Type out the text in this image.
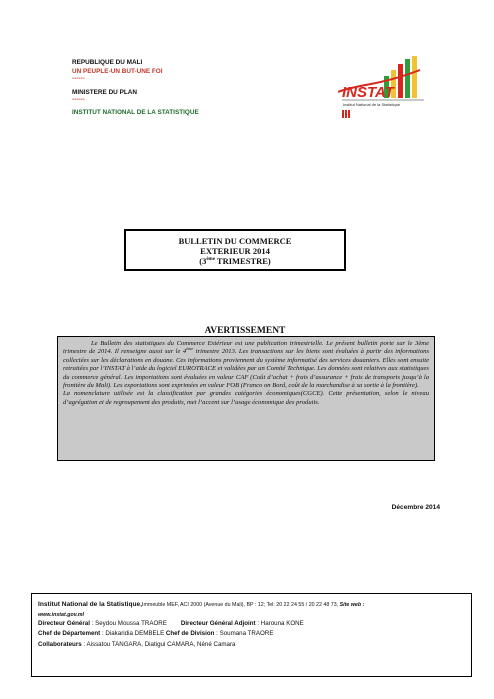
REPUBLIQUE DU MALI
UN PEUPLE-UN BUT-UNE FOI
------
MINISTERE DU PLAN
------
INSTITUT NATIONAL DE LA STATISTIQUE
INSTAT
Institut National de la Statistique
BULLETIN DU COMMERCE
EXTERIEUR 2014
(3ème TRIMESTRE)
AVERTISSEMENT

Le Bulletin des statistiques du Commerce Extérieur est une publication trimestrielle. Le présent bulletin porte sur le 3ème trimestre de 2014. Il renseigne aussi sur le 4ème trimestre 2013. Les transactions sur les biens sont évaluées à partir des informations collectées sur les déclarations en douane. Ces informations proviennent du système informatisé des services douaniers. Elles sont ensuite retraitées par l’INSTAT à l’aide du logiciel EUROTRACE et validées par un Comité Technique. Les données sont relatives aux statistiques du commerce général. Les importations sont évaluées en valeur CAF (Coût d’achat + frais d’assurance + frais de transports jusqu’à la frontière du Mali). Les exportations sont exprimées en valeur FOB (Franco on Bord, coût de la marchandise à sa sortie à la frontière).

La nomenclature utilisée est la classification par grandes catégories économiques(CGCE). Cette présentation, selon le niveau d’agrégation et de regroupement des produits, met l’accent sur l’usage économique des produits.

Décembre 2014
Institut National de la Statistique,Immeuble MEF, ACI 2000 (Avenue du Mali), BP : 12; Tel: 20 22 24 55 / 20 22 48 73, Site web :
www.instat.gov.ml
Directeur Général : Seydou Moussa TRAORE Directeur Général Adjoint : Harouna KONE
Chef de Département : Diakaridia DEMBELE Chef de Division : Soumana TRAORE
Collaborateurs : Aissatou TANGARA, Diatigui CAMARA, Néné Camara
